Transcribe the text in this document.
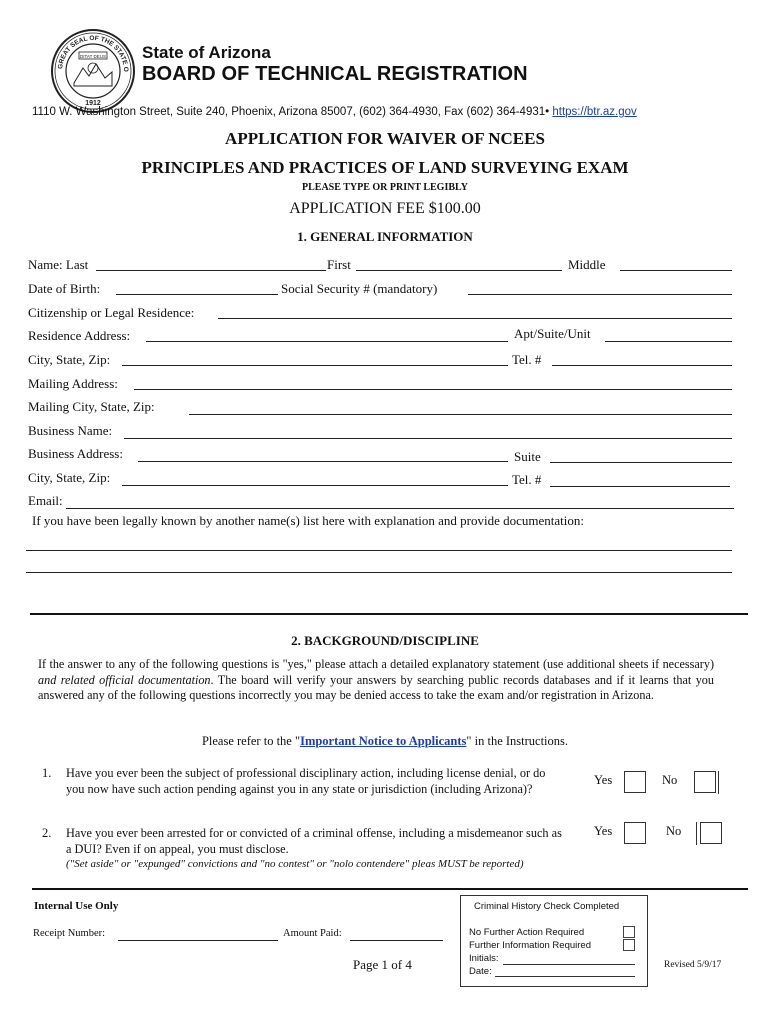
GREAT SEAL OF THE STATE O
DITAT DEUS
1912
State of Arizona
BOARD OF TECHNICAL REGISTRATION
1110 W. Washington Street, Suite 240, Phoenix, Arizona 85007, (602) 364-4930, Fax (602) 364-4931• https://btr.az.gov
APPLICATION FOR WAIVER OF NCEES
PRINCIPLES AND PRACTICES OF LAND SURVEYING EXAM
PLEASE TYPE OR PRINT LEGIBLY
APPLICATION FEE $100.00
1. GENERAL INFORMATION
Name: Last	First	Middle
Date of Birth:	Social Security # (mandatory)
Citizenship or Legal Residence:
Residence Address:	Apt/Suite/Unit
City, State, Zip:	Tel. #
Mailing Address:
Mailing City, State, Zip:
Business Name:
Business Address:	Suite
City, State, Zip:	Tel. #
Email:
If you have been legally known by another name(s) list here with explanation and provide documentation:
2. BACKGROUND/DISCIPLINE
If the answer to any of the following questions is "yes," please attach a detailed explanatory statement (use additional sheets if necessary) and related official documentation. The board will verify your answers by searching public records databases and if it learns that you answered any of the following questions incorrectly you may be denied access to take the exam and/or registration in Arizona.
Please refer to the "Important Notice to Applicants" in the Instructions.
1. Have you ever been the subject of professional disciplinary action, including license denial, or do you now have such action pending against you in any state or jurisdiction (including Arizona)?
Yes	No
2. Have you ever been arrested for or convicted of a criminal offense, including a misdemeanor such as a DUI? Even if on appeal, you must disclose.
("Set aside" or "expunged" convictions and "no contest" or "nolo contendere" pleas MUST be reported)
Yes	No
Internal Use Only
Receipt Number:	Amount Paid:
Page 1 of 4	Revised 5/9/17
Criminal History Check Completed
No Further Action Required
Further Information Required
Initials:
Date:
